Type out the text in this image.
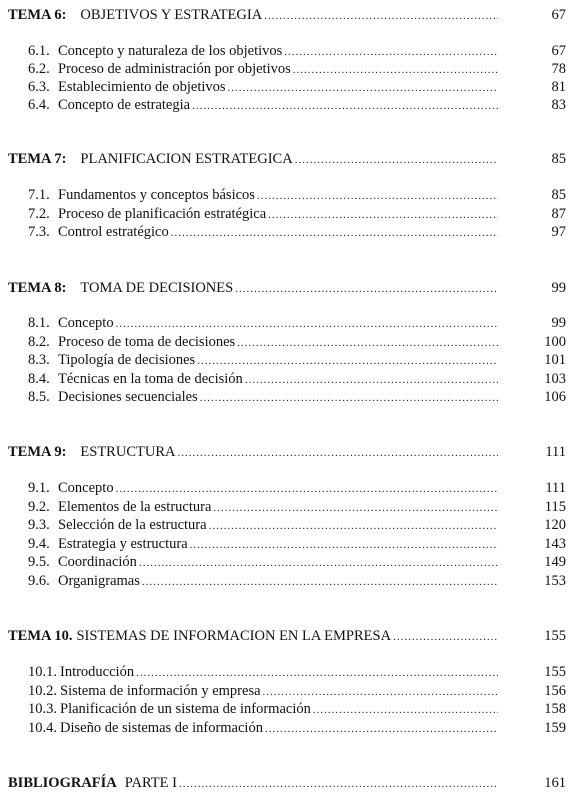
TEMA 6: OBJETIVOS Y ESTRATEGIA .....	67
6.1. Concepto y naturaleza de los objetivos .....	67
6.2. Proceso de administración por objetivos .....	78
6.3. Establecimiento de objetivos .....	81
6.4. Concepto de estrategia .....	83
TEMA 7: PLANIFICACION ESTRATEGICA .....	85
7.1. Fundamentos y conceptos básicos .....	85
7.2. Proceso de planificación estratégica .....	87
7.3. Control estratégico .....	97
TEMA 8: TOMA DE DECISIONES .....	99
8.1. Concepto .....	99
8.2. Proceso de toma de decisiones .....	100
8.3. Tipología de decisiones .....	101
8.4. Técnicas en la toma de decisión .....	103
8.5. Decisiones secuenciales .....	106
TEMA 9: ESTRUCTURA .....	111
9.1. Concepto .....	111
9.2. Elementos de la estructura .....	115
9.3. Selección de la estructura .....	120
9.4. Estrategia y estructura .....	143
9.5. Coordinación .....	149
9.6. Organigramas .....	153
TEMA 10. SISTEMAS DE INFORMACION EN LA EMPRESA .....	155
10.1. Introducción .....	155
10.2. Sistema de información y empresa .....	156
10.3. Planificación de un sistema de información .....	158
10.4. Diseño de sistemas de información .....	159
BIBLIOGRAFÍA PARTE I .....	161
